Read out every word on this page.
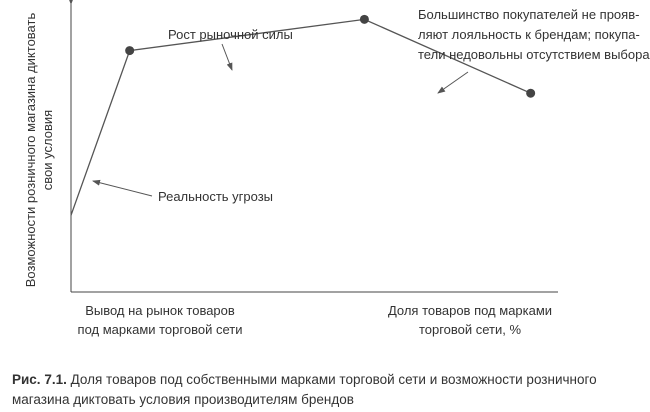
Реальность угрозы
Рост рыночной силы
Большинство покупателей не прояв-ляют лояльность к брендам; покупа-тели недовольны отсутствием выбора
Возможности розничного магазина диктовать свои условия
Вывод на рынок товаров под марками торговой сети
Доля товаров под марками торговой сети, %
Рис. 7.1. Доля товаров под собственными марками торговой сети и возможности розничного магазина диктовать условия производителям брендов
